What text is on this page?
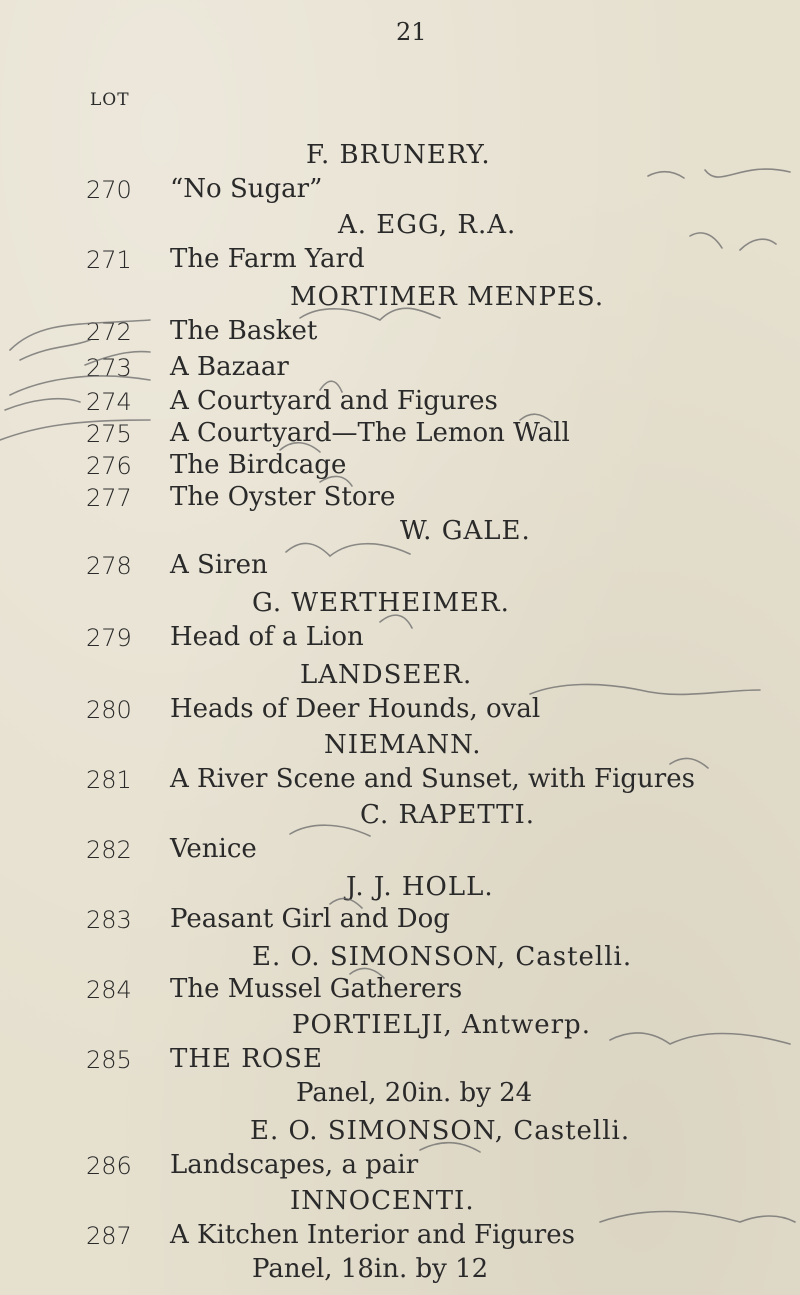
21
LOT
F. BRUNERY.
A. EGG, R.A.
MORTIMER MENPES.
W. GALE.
G. WERTHEIMER.
LANDSEER.
NIEMANN.
C. RAPETTI.
J. J. HOLL.
E. O. SIMONSON, Castelli.
PORTIELJI, Antwerp.
E. O. SIMONSON, Castelli.
INNOCENTI.
270	“No Sugar”
271	The Farm Yard
272	The Basket
273	A Bazaar
274	A Courtyard and Figures
275	A Courtyard—The Lemon Wall
276	The Birdcage
277	The Oyster Store
278	A Siren
279	Head of a Lion
280	Heads of Deer Hounds, oval
281	A River Scene and Sunset, with Figures
282	Venice
283	Peasant Girl and Dog
284	The Mussel Gatherers
285	THE ROSE
Panel, 20in. by 24
286	Landscapes, a pair
287	A Kitchen Interior and Figures
Panel, 18in. by 12
